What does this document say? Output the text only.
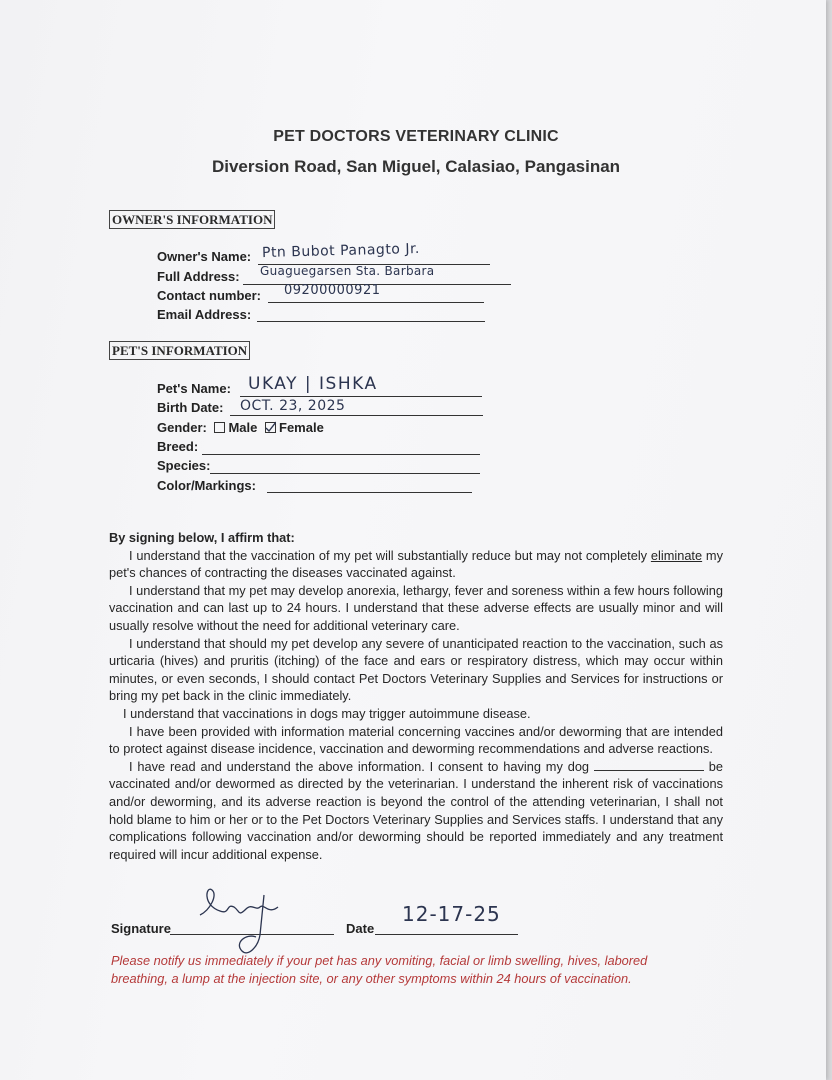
PET DOCTORS VETERINARY CLINIC
Diversion Road, San Miguel, Calasiao, Pangasinan
OWNER'S INFORMATION
Owner's Name: Ptn Bubot Panagto Jr.
Full Address: Guaguegarsen Sta. Barbara
Contact number: 09200000921
Email Address:
PET'S INFORMATION
Pet's Name: UKAY | ISHKA
Birth Date: OCT. 23, 2025
Gender: Male Female
Breed:
Species:
Color/Markings:

By signing below, I affirm that:

I understand that the vaccination of my pet will substantially reduce but may not completely eliminate my pet's chances of contracting the diseases vaccinated against.

I understand that my pet may develop anorexia, lethargy, fever and soreness within a few hours following vaccination and can last up to 24 hours. I understand that these adverse effects are usually minor and will usually resolve without the need for additional veterinary care.

I understand that should my pet develop any severe of unanticipated reaction to the vaccination, such as urticaria (hives) and pruritis (itching) of the face and ears or respiratory distress, which may occur within minutes, or even seconds, I should contact Pet Doctors Veterinary Supplies and Services for instructions or bring my pet back in the clinic immediately.

I understand that vaccinations in dogs may trigger autoimmune disease.

I have been provided with information material concerning vaccines and/or deworming that are intended to protect against disease incidence, vaccination and deworming recommendations and adverse reactions.

I have read and understand the above information. I consent to having my dog	be vaccinated and/or dewormed as directed by the veterinarian. I understand the inherent risk of vaccinations and/or deworming, and its adverse reaction is beyond the control of the attending veterinarian, I shall not hold blame to him or her or to the Pet Doctors Veterinary Supplies and Services staffs. I understand that any complications following vaccination and/or deworming should be reported immediately and any treatment required will incur additional expense.

Signature	Date
12-17-25
Please notify us immediately if your pet has any vomiting, facial or limb swelling, hives, labored breathing, a lump at the injection site, or any other symptoms within 24 hours of vaccination.
